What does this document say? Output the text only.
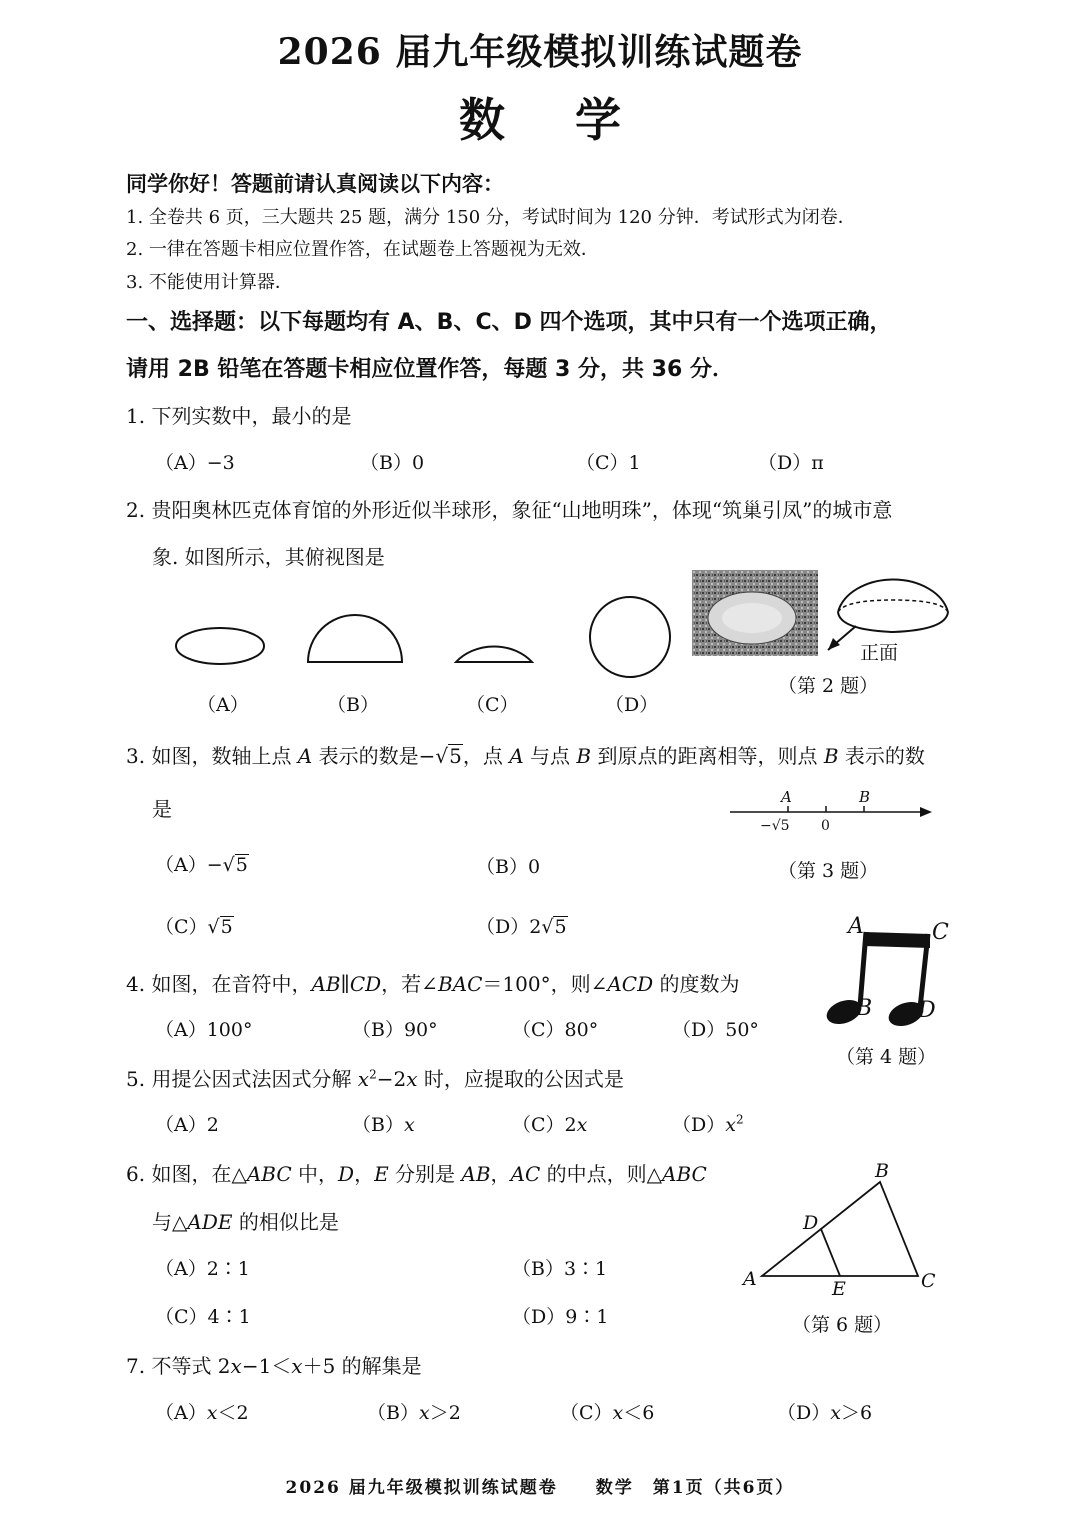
2026 届九年级模拟训练试题卷
数学
同学你好！答题前请认真阅读以下内容：
1. 全卷共 6 页，三大题共 25 题，满分 150 分，考试时间为 120 分钟．考试形式为闭卷．
2. 一律在答题卡相应位置作答，在试题卷上答题视为无效．
3. 不能使用计算器．
一、选择题：以下每题均有 A、B、C、D 四个选项，其中只有一个选项正确，
请用 2B 铅笔在答题卡相应位置作答，每题 3 分，共 36 分．
1. 下列实数中，最小的是
（A）−3	（B）0	（C）1	（D）π
2. 贵阳奥林匹克体育馆的外形近似半球形，象征“山地明珠”，体现“筑巢引凤”的城市意
象. 如图所示，其俯视图是
（A）	（B）	（C）	（D）
正面
（第 2 题）
3. 如图，数轴上点 A 表示的数是−√5，点 A 与点 B 到原点的距离相等，则点 B 表示的数
是	A	B
−√5 0
（第 3 题）
（A）−√5	（B）0
（C）√5	（D）2√5
4. 如图，在音符中，AB∥CD，若∠BAC＝100°，则∠ACD 的度数为
（A）100°	（B）90°	（C）80°	（D）50°
A	C
B D
（第 4 题）
5. 用提公因式法因式分解 $x^2-2x$ 时，应提取的公因式是
（A）2	（B）x	（C）2x	$(D)x^2$
6. 如图，在△ABC 中，D，E 分别是 AB，AC 的中点，则△ABC
与△ADE 的相似比是
（A）2∶1	（B）3∶1
（C）4∶1	（D）9∶1
A
B
C
D
E
（第 6 题）
7. 不等式 2x−1＜x＋5 的解集是
（A）x＜2	（B）x＞2	（C）x＜6	（D）x＞6
2026 届九年级模拟训练试题卷　　数学　第1页（共6页）
